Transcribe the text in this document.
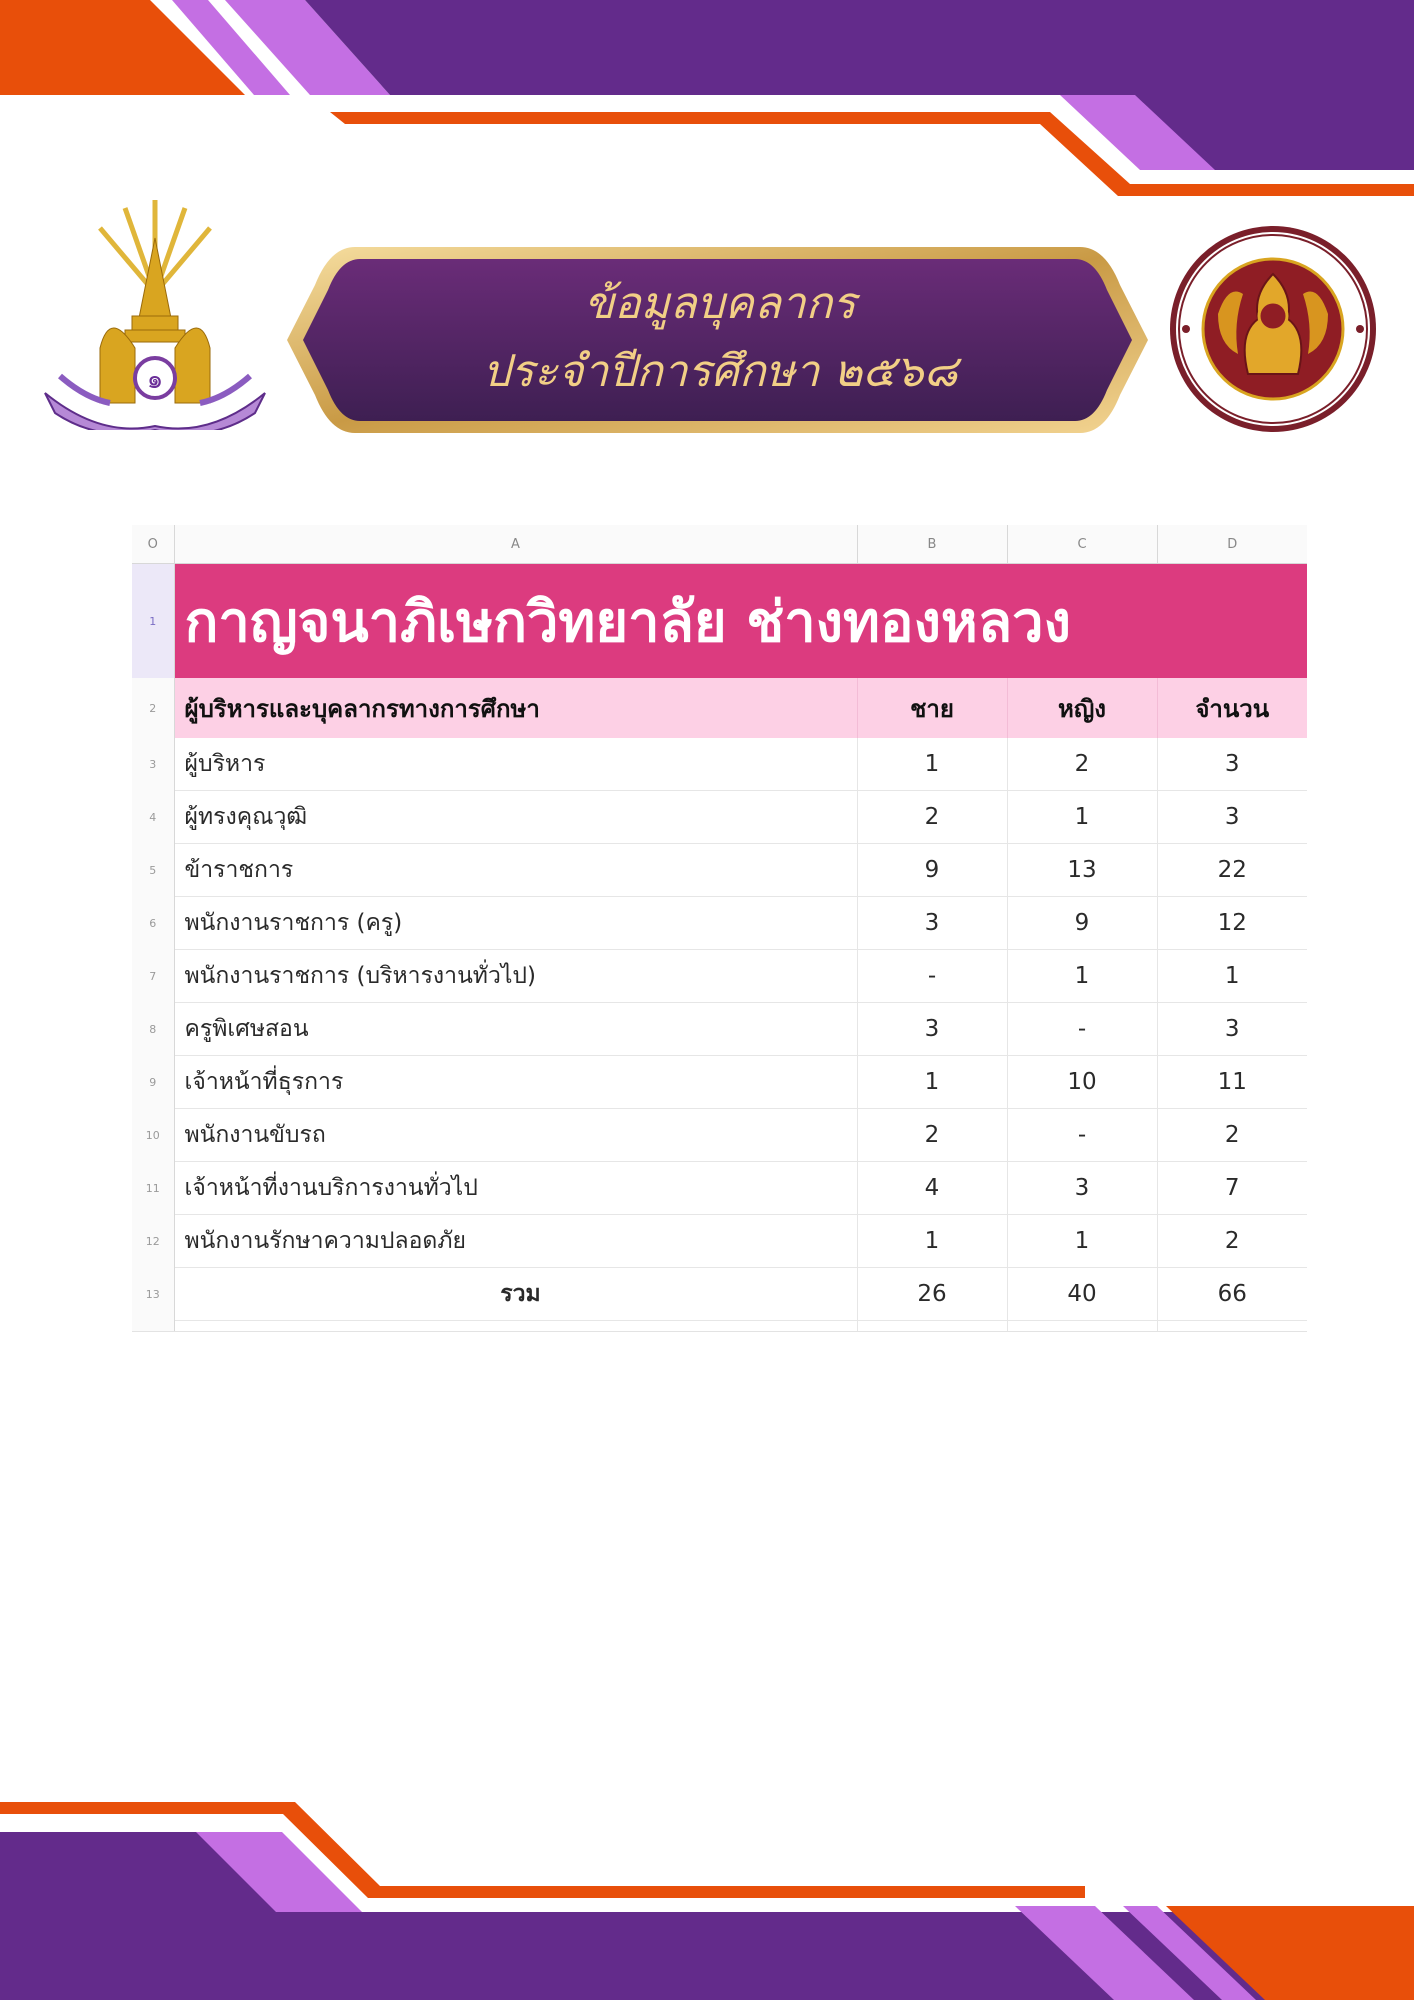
๑
ข้อมูลบุคลากร
ประจำปีการศึกษา ๒๕๖๘
O	A	B	C	D
1	กาญจนาภิเษกวิทยาลัย ช่างทองหลวง			
2	ผู้บริหารและบุคลากรทางการศึกษา	ชาย	หญิง	จำนวน
3	ผู้บริหาร	1	2	3
4	ผู้ทรงคุณวุฒิ	2	1	3
5	ข้าราชการ	9	13	22
6	พนักงานราชการ (ครู)	3	9	12
7	พนักงานราชการ (บริหารงานทั่วไป)	-	1	1
8	ครูพิเศษสอน	3	-	3
9	เจ้าหน้าที่ธุรการ	1	10	11
10	พนักงานขับรถ	2	-	2
11	เจ้าหน้าที่งานบริการงานทั่วไป	4	3	7
12	พนักงานรักษาความปลอดภัย	1	1	2
13	รวม	26	40	66
